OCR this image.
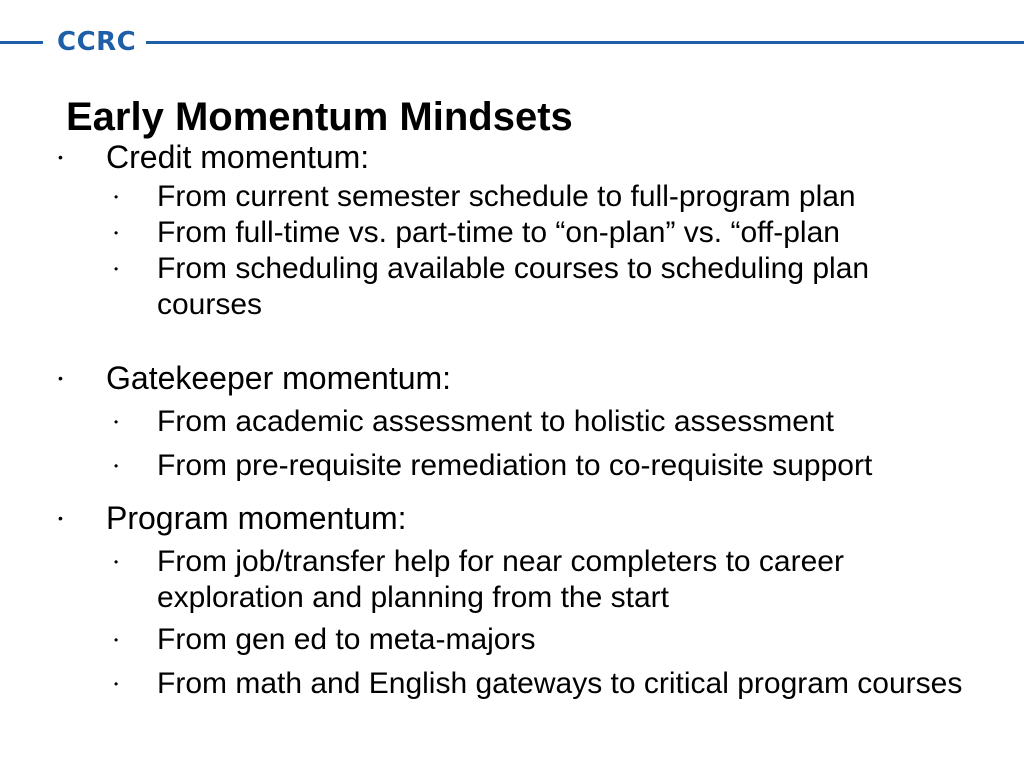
CCRC
Early Momentum Mindsets
• Credit momentum:
• From current semester schedule to full-program plan
• From full-time vs. part-time to “on-plan” vs. “off-plan
• From scheduling available courses to scheduling plan courses
• Gatekeeper momentum:
• From academic assessment to holistic assessment
• From pre-requisite remediation to co-requisite support
• Program momentum:
• From job/transfer help for near completers to career exploration and planning from the start
• From gen ed to meta-majors
• From math and English gateways to critical program courses
